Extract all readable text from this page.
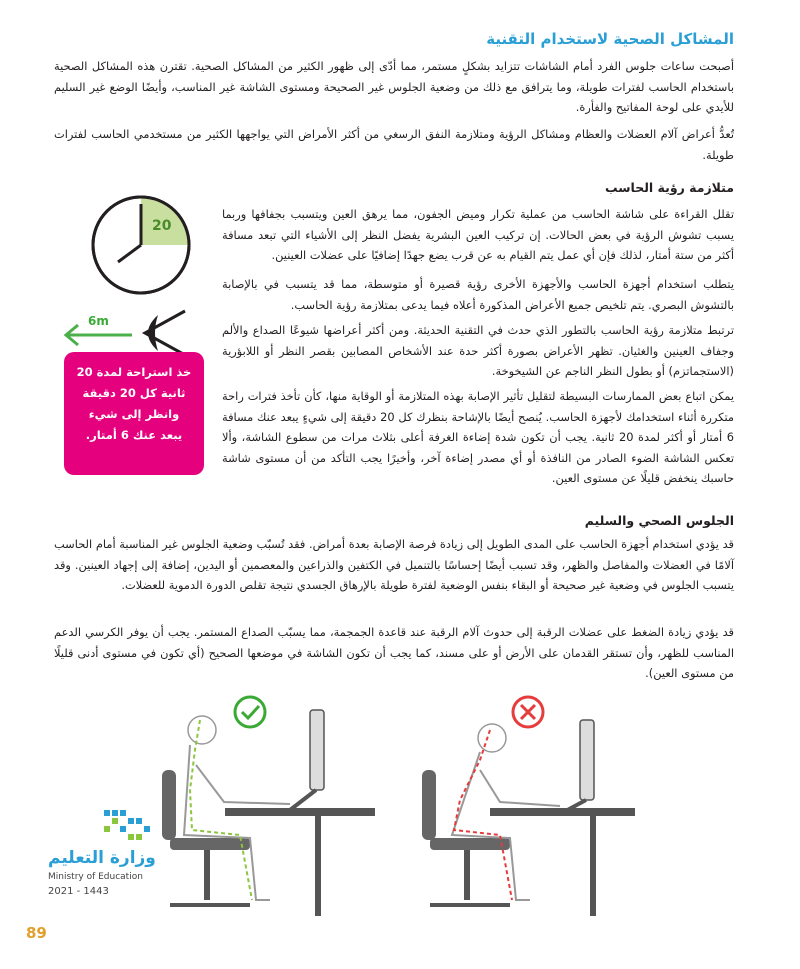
المشاكل الصحية لاستخدام التقنية
أصبحت ساعات جلوس الفرد أمام الشاشات تتزايد بشكلٍ مستمر، مما أدّى إلى ظهور الكثير من المشاكل الصحية. تقترن هذه المشاكل الصحية باستخدام الحاسب لفترات طويلة، وما يترافق مع ذلك من وضعية الجلوس غير الصحيحة ومستوى الشاشة غير المناسب، وأيضًا الوضع غير السليم للأيدي على لوحة المفاتيح والفأرة.
تُعدُّ أعراض آلام العضلات والعظام ومشاكل الرؤية ومتلازمة النفق الرسغي من أكثر الأمراض التي يواجهها الكثير من مستخدمي الحاسب لفترات طويلة.
متلازمة رؤية الحاسب
تقلل القراءة على شاشة الحاسب من عملية تكرار وميض الجفون، مما يرهق العين ويتسبب بجفافها وربما يسبب تشوش الرؤية في بعض الحالات. إن تركيب العين البشرية يفضل النظر إلى الأشياء التي تبعد مسافة أكثر من ستة أمتار، لذلك فإن أي عمل يتم القيام به عن قرب يضع جهدًا إضافيًا على عضلات العينين.
يتطلب استخدام أجهزة الحاسب والأجهزة الأخرى رؤية قصيرة أو متوسطة، مما قد يتسبب في بالإصابة بالتشوش البصري. يتم تلخيص جميع الأعراض المذكورة أعلاه فيما يدعى بمتلازمة رؤية الحاسب.
ترتبط متلازمة رؤية الحاسب بالتطور الذي حدث في التقنية الحديثة. ومن أكثر أعراضها شيوعًا الصداع والألم وجفاف العينين والغثيان. تظهر الأعراض بصورة أكثر حدة عند الأشخاص المصابين بقصر النظر أو اللابؤرية (الاستجماتزم) أو بطول النظر الناجم عن الشيخوخة.
يمكن اتباع بعض الممارسات البسيطة لتقليل تأثير الإصابة بهذه المتلازمة أو الوقاية منها، كأن تأخذ فترات راحة متكررة أثناء استخدامك لأجهزة الحاسب. يُنصح أيضًا بالإشاحة بنظرك كل 20 دقيقة إلى شيءٍ يبعد عنك مسافة 6 أمتار أو أكثر لمدة 20 ثانية. يجب أن تكون شدة إضاءة الغرفة أعلى بثلاث مرات من سطوع الشاشة، وألا تعكس الشاشة الضوء الصادر من النافذة أو أي مصدر إضاءة آخر، وأخيرًا يجب التأكد من أن مستوى شاشة حاسبك ينخفض قليلًا عن مستوى العين.
20
6m
خذ استراحة لمدة 20 ثانية كل 20 دقيقة وانظر إلى شيء يبعد عنك 6 أمتار.
الجلوس الصحي والسليم
قد يؤدي استخدام أجهزة الحاسب على المدى الطويل إلى زيادة فرصة الإصابة بعدة أمراض. فقد تُسبّب وضعية الجلوس غير المناسبة أمام الحاسب آلامًا في العضلات والمفاصل والظهر، وقد تسبب أيضًا إحساسًا بالتنميل في الكتفين والذراعين والمعصمين أو اليدين، إضافة إلى إجهاد العينين. وقد يتسبب الجلوس في وضعية غير صحيحة أو البقاء بنفس الوضعية لفترة طويلة بالإرهاق الجسدي نتيجة تقلص الدورة الدموية للعضلات.
قد يؤدي زيادة الضغط على عضلات الرقبة إلى حدوث آلام الرقبة عند قاعدة الجمجمة، مما يسبّب الصداع المستمر. يجب أن يوفر الكرسي الدعم المناسب للظهر، وأن تستقر القدمان على الأرض أو على مسند، كما يجب أن تكون الشاشة في موضعها الصحيح (أي تكون في مستوى أدنى قليلًا من مستوى العين).
وزارة التعليم
Ministry of Education
2021 - 1443
89
